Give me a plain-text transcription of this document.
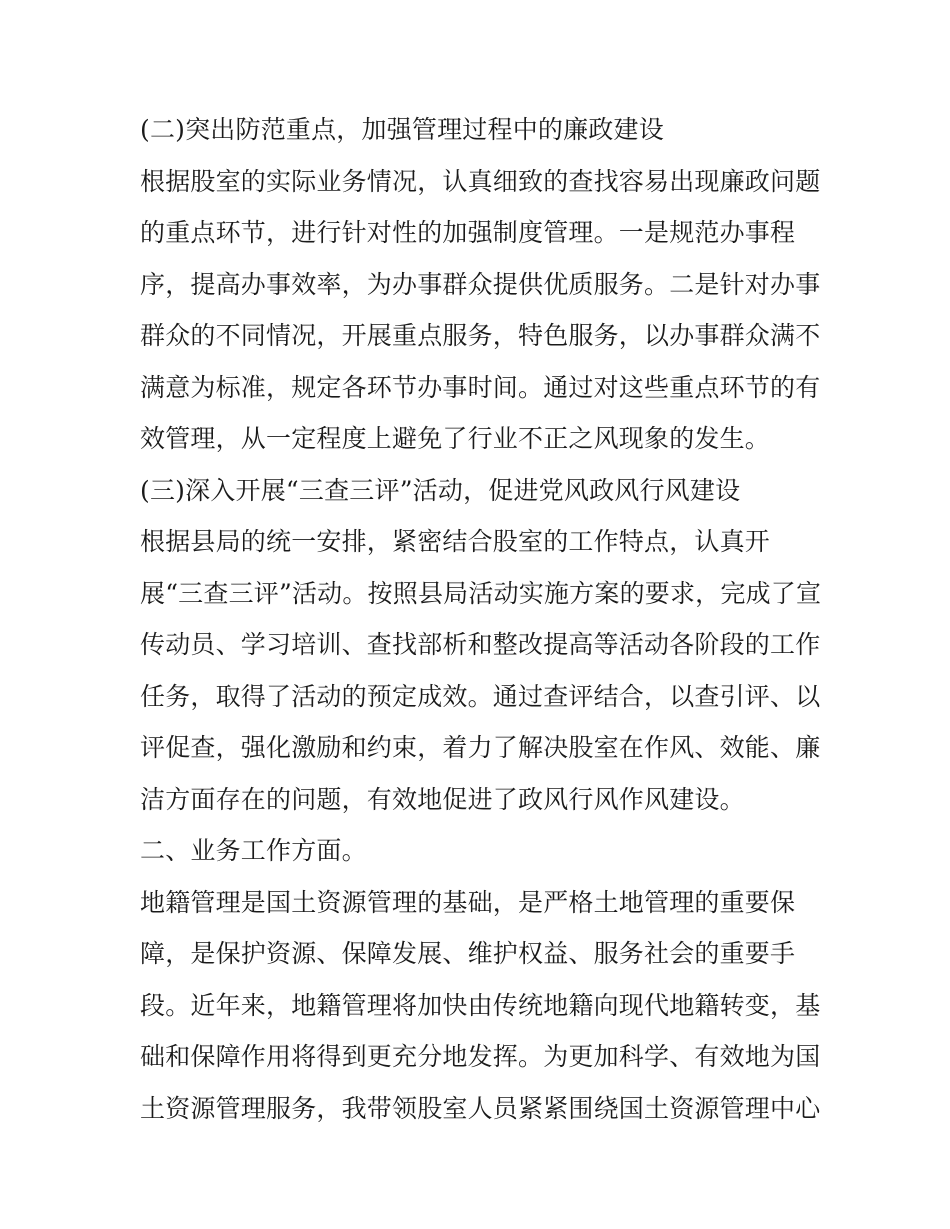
(二)突出防范重点，加强管理过程中的廉政建设
根据股室的实际业务情况，认真细致的查找容易出现廉政问题
的重点环节，进行针对性的加强制度管理。一是规范办事程
序，提高办事效率，为办事群众提供优质服务。二是针对办事
群众的不同情况，开展重点服务，特色服务，以办事群众满不
满意为标准，规定各环节办事时间。通过对这些重点环节的有
效管理，从一定程度上避免了行业不正之风现象的发生。
(三)深入开展“三查三评”活动，促进党风政风行风建设
根据县局的统一安排，紧密结合股室的工作特点，认真开
展“三查三评”活动。按照县局活动实施方案的要求，完成了宣
传动员、学习培训、查找部析和整改提高等活动各阶段的工作
任务，取得了活动的预定成效。通过查评结合，以查引评、以
评促查，强化激励和约束，着力了解决股室在作风、效能、廉
洁方面存在的问题，有效地促进了政风行风作风建设。
二、业务工作方面。
地籍管理是国土资源管理的基础，是严格土地管理的重要保
障，是保护资源、保障发展、维护权益、服务社会的重要手
段。近年来，地籍管理将加快由传统地籍向现代地籍转变，基
础和保障作用将得到更充分地发挥。为更加科学、有效地为国
土资源管理服务，我带领股室人员紧紧围绕国土资源管理中心
